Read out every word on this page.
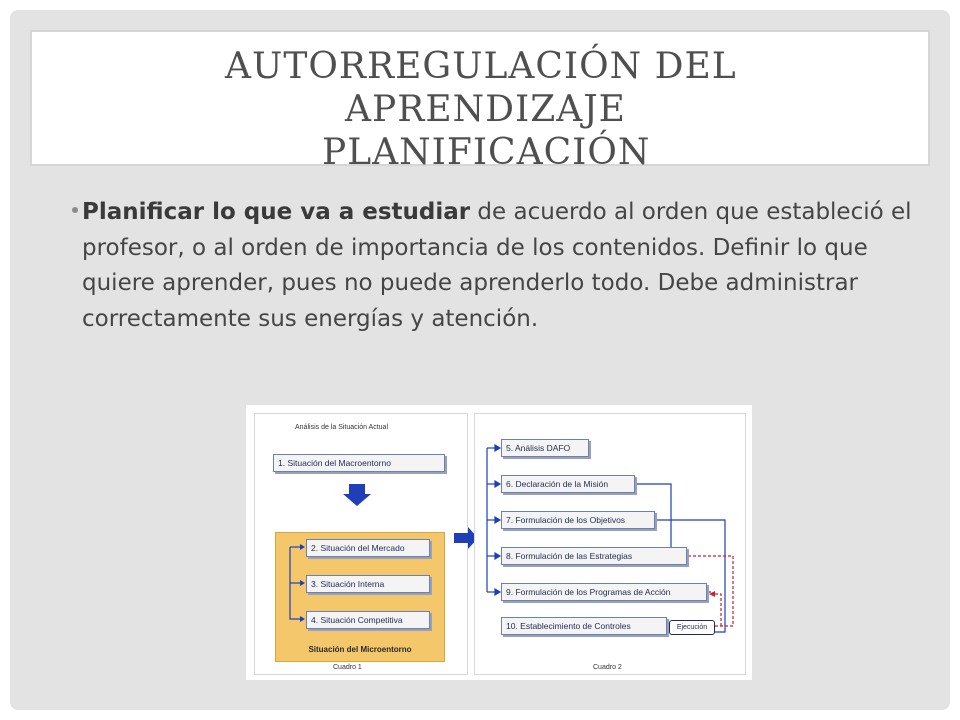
AUTORREGULACIÓN DEL
APRENDIZAJE
PLANIFICACIÓN
Planificar lo que va a estudiar de acuerdo al orden que estableció el profesor, o al orden de importancia de los contenidos. Definir lo que quiere aprender, pues no puede aprenderlo todo. Debe administrar correctamente sus energías y atención.
Análisis de la Situación Actual
1. Situación del Macroentorno
2. Situación del Mercado
3. Situación Interna
4. Situación Competitiva
Situación del Microentorno
Cuadro 1
5. Análisis DAFO
6. Declaración de la Misión
7. Formulación de los Objetivos
8. Formulación de las Estrategias
9. Formulación de los Programas de Acción
10. Establecimiento de Controles	Ejecución
Cuadro 2
